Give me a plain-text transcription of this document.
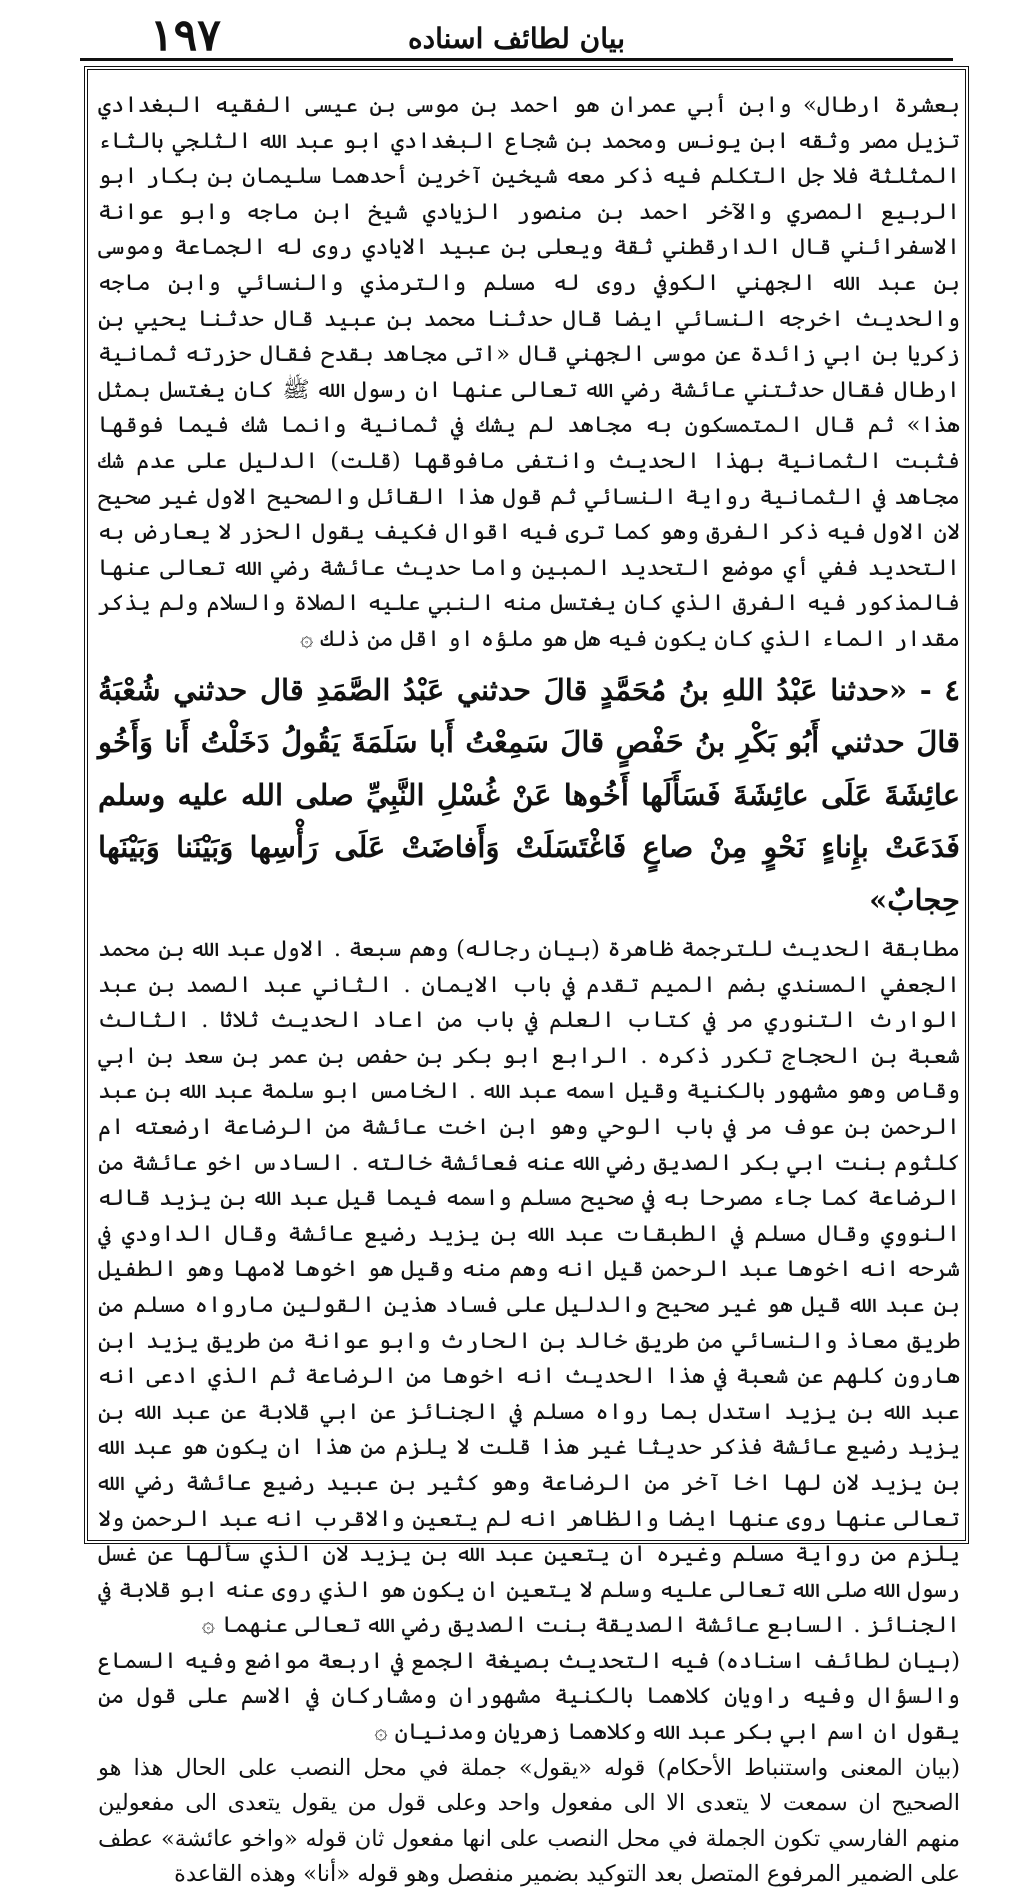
١٩٧	بيان لطائف اسناده

بعشرة ارطال» وابن أبي عمران هو احمد بن موسى بن عيسى الفقيه البغدادي تزيل مصر وثقه ابن يونس ومحمد بن شجاع البغدادي ابو عبد الله الثلجي بالثاء المثلثة فلا جل التكلم فيه ذكر معه شيخين آخرين أحدهما سليمان بن بكار ابو الربيع المصري والآخر احمد بن منصور الزيادي شيخ ابن ماجه وابو عوانة الاسفرائني قال الدارقطني ثقة ويعلى بن عبيد الايادي روى له الجماعة وموسى بن عبد الله الجهني الكوفي روى له مسلم والترمذي والنسائي وابن ماجه والحديث اخرجه النسائي ايضا قال حدثنا محمد بن عبيد قال حدثنا يحيي بن زكريا بن ابي زائدة عن موسى الجهني قال «اتى مجاهد بقدح فقال حزرته ثمانية ارطال فقال حدثتني عائشة رضي الله تعالى عنها ان رسول الله ﷺ كان يغتسل بمثل هذا» ثم قال المتمسكون به مجاهد لم يشك في ثمانية وانما شك فيما فوقها فثبت الثمانية بهذا الحديث وانتفى مافوقها (قلت) الدليل على عدم شك مجاهد في الثمانية رواية النسائي ثم قول هذا القائل والصحيح الاول غير صحيح لان الاول فيه ذكر الفرق وهو كما ترى فيه اقوال فكيف يقول الحزر لا يعارض به التحديد ففي أي موضع التحديد المبين واما حديث عائشة رضي الله تعالى عنها فالمذكور فيه الفرق الذي كان يغتسل منه النبي عليه الصلاة والسلام ولم يذكر مقدار الماء الذي كان يكون فيه هل هو ملؤه او اقل من ذلك ۞

٤ - «حدثنا عَبْدُ اللهِ بنُ مُحَمَّدٍ قالَ حدثني عَبْدُ الصَّمَدِ قال حدثني شُعْبَةُ قالَ حدثني أَبُو بَكْرِ بنُ حَفْصٍ قالَ سَمِعْتُ أَبا سَلَمَةَ يَقُولُ دَخَلْتُ أَنا وَأَخُو عائِشَةَ عَلَى عائِشَةَ فَسَأَلَها أَخُوها عَنْ غُسْلِ النَّبِيِّ صلى الله عليه وسلم فَدَعَتْ بإِناءٍ نَحْوٍ مِنْ صاعٍ فَاغْتَسَلَتْ وَأَفاضَتْ عَلَى رَأْسِها وَبَيْنَنا وَبَيْنَها حِجابٌ»

مطابقة الحديث للترجمة ظاهرة (بيان رجاله) وهم سبعة . الاول عبد الله بن محمد الجعفي المسندي بضم الميم تقدم في باب الايمان . الثاني عبد الصمد بن عبد الوارث التنوري مر في كتاب العلم في باب من اعاد الحديث ثلاثا . الثالث شعبة بن الحجاج تكرر ذكره . الرابع ابو بكر بن حفص بن عمر بن سعد بن ابي وقاص وهو مشهور بالكنية وقيل اسمه عبد الله . الخامس ابو سلمة عبد الله بن عبد الرحمن بن عوف مر في باب الوحي وهو ابن اخت عائشة من الرضاعة ارضعته ام كلثوم بنت ابي بكر الصديق رضي الله عنه فعائشة خالته . السادس اخو عائشة من الرضاعة كما جاء مصرحا به في صحيح مسلم واسمه فيما قيل عبد الله بن يزيد قاله النووي وقال مسلم في الطبقات عبد الله بن يزيد رضيع عائشة وقال الداودي في شرحه انه اخوها عبد الرحمن قيل انه وهم منه وقيل هو اخوها لامها وهو الطفيل بن عبد الله قيل هو غير صحيح والدليل على فساد هذين القولين مارواه مسلم من طريق معاذ والنسائي من طريق خالد بن الحارث وابو عوانة من طريق يزيد ابن هارون كلهم عن شعبة في هذا الحديث انه اخوها من الرضاعة ثم الذي ادعى انه عبد الله بن يزيد استدل بما رواه مسلم في الجنائز عن ابي قلابة عن عبد الله بن يزيد رضيع عائشة فذكر حديثا غير هذا قلت لا يلزم من هذا ان يكون هو عبد الله بن يزيد لان لها اخا آخر من الرضاعة وهو كثير بن عبيد رضيع عائشة رضي الله تعالى عنها روى عنها ايضا والظاهر انه لم يتعين والاقرب انه عبد الرحمن ولا يلزم من رواية مسلم وغيره ان يتعين عبد الله بن يزيد لان الذي سألها عن غسل رسول الله صلى الله تعالى عليه وسلم لا يتعين ان يكون هو الذي روى عنه ابو قلابة في الجنائز . السابع عائشة الصديقة بنت الصديق رضي الله تعالى عنهما ۞

(بيان لطائف اسناده) فيه التحديث بصيغة الجمع في اربعة مواضع وفيه السماع والسؤال وفيه راويان كلاهما بالكنية مشهوران ومشاركان في الاسم على قول من يقول ان اسم ابي بكر عبد الله وكلاهما زهريان ومدنيان ۞

(بيان المعنى واستنباط الأحكام) قوله «يقول» جملة في محل النصب على الحال هذا هو الصحيح ان سمعت لا يتعدى الا الى مفعول واحد وعلى قول من يقول يتعدى الى مفعولين منهم الفارسي تكون الجملة في محل النصب على انها مفعول ثان قوله «واخو عائشة» عطف على الضمير المرفوع المتصل بعد التوكيد بضمير منفصل وهو قوله «أنا» وهذه القاعدة
